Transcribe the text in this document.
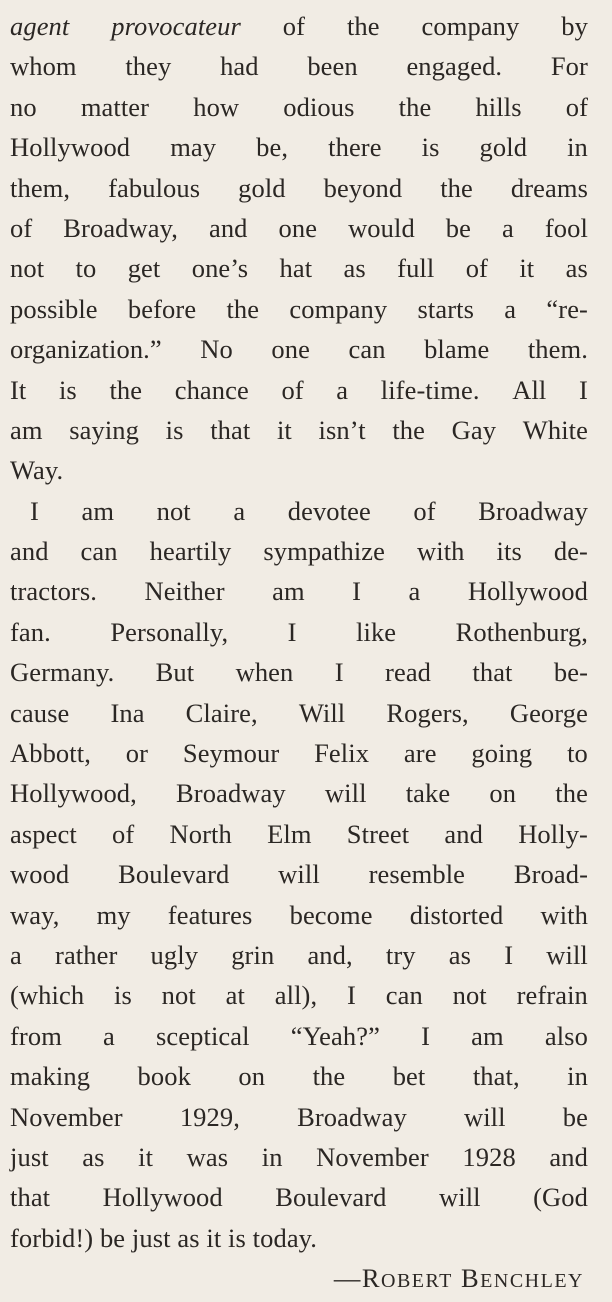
agent provocateur of the company by
whom they had been engaged. For
no matter how odious the hills of
Hollywood may be, there is gold in
them, fabulous gold beyond the dreams
of Broadway, and one would be a fool
not to get one’s hat as full of it as
possible before the company starts a “re-
organization.” No one can blame them.
It is the chance of a life-time. All I
am saying is that it isn’t the Gay White
Way.
I am not a devotee of Broadway
and can heartily sympathize with its de-
tractors. Neither am I a Hollywood
fan. Personally, I like Rothenburg,
Germany. But when I read that be-
cause Ina Claire, Will Rogers, George
Abbott, or Seymour Felix are going to
Hollywood, Broadway will take on the
aspect of North Elm Street and Holly-
wood Boulevard will resemble Broad-
way, my features become distorted with
a rather ugly grin and, try as I will
(which is not at all), I can not refrain
from a sceptical “Yeah?” I am also
making book on the bet that, in
November 1929, Broadway will be
just as it was in November 1928 and
that Hollywood Boulevard will (God
forbid!) be just as it is today.
—ROBERT BENCHLEY
